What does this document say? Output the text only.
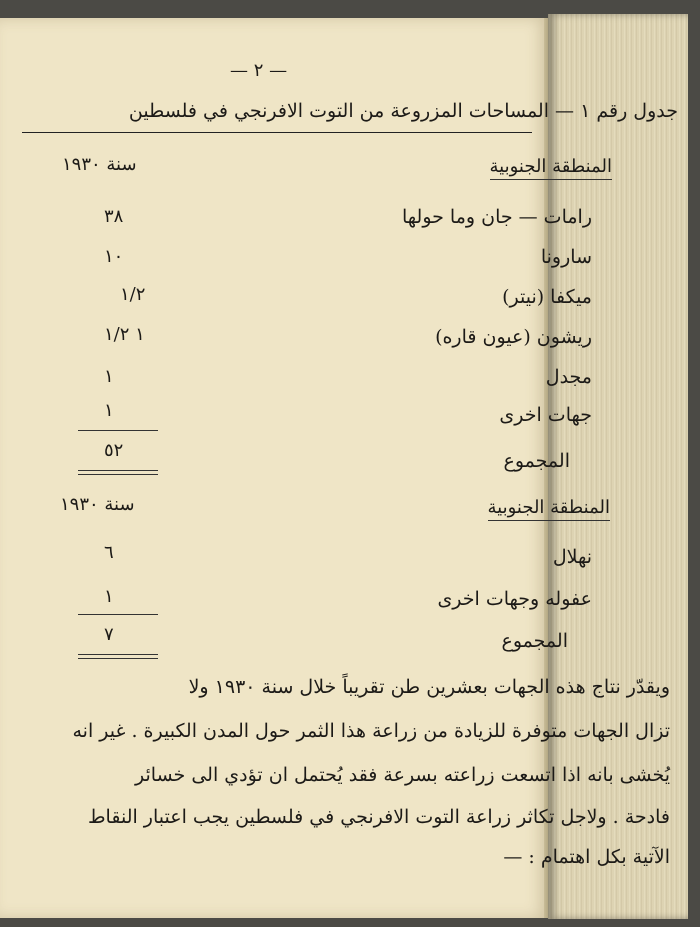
— ٢ —
جدول رقم ١ — المساحات المزروعة من التوت الافرنجي في فلسطين
المنطقة الجنوبية
سنة ١٩٣٠
رامات — جان وما حولها
٣٨
سارونا
١٠
ميكفا (نيتر)
١/٢
ريشون (عيون قاره)
١ ١/٢
مجدل
١
جهات اخرى
١
٥٢	المجموع
المنطقة الجنوبية
سنة ١٩٣٠
نهلال
٦
عفوله وجهات اخرى
١
٧	المجموع
ويقدّر نتاج هذه الجهات بعشرين طن تقريباً خلال سنة ١٩٣٠ ولا
تزال الجهات متوفرة للزيادة من زراعة هذا الثمر حول المدن الكبيرة . غير انه
يُخشى بانه اذا اتسعت زراعته بسرعة فقد يُحتمل ان تؤدي الى خسائر
فادحة . ولاجل تكاثر زراعة التوت الافرنجي في فلسطين يجب اعتبار النقاط
الآتية بكل اهتمام : —
